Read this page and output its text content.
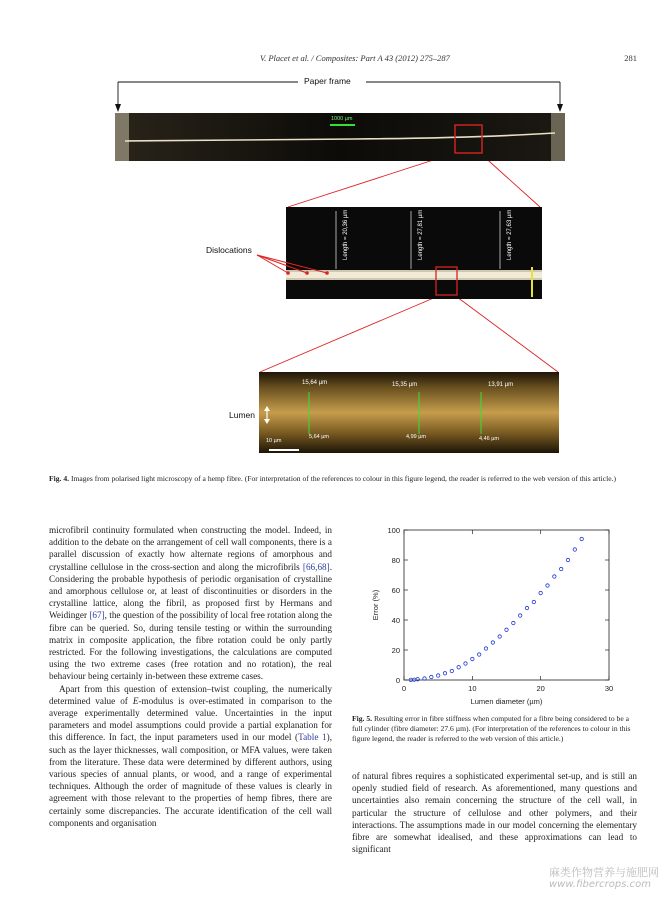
V. Placet et al. / Composites: Part A 43 (2012) 275–287	281
Paper frame
1000 µm
Length = 20,36 µm	Length = 27,81 µm	Length = 27,63 µm
100 µm
Dislocations
15,64 µm	15,35 µm	13,91 µm
5,64 µm	4,99 µm	4,46 µm
10 µm
Lumen
Fig. 4. Images from polarised light microscopy of a hemp fibre. (For interpretation of the references to colour in this figure legend, the reader is referred to the web version of this article.)

microfibril continuity formulated when constructing the model. Indeed, in addition to the debate on the arrangement of cell wall components, there is a parallel discussion of exactly how alternate regions of amorphous and crystalline cellulose in the cross-section and along the microfibrils [66,68]. Considering the probable hypothesis of periodic organisation of crystalline and amorphous cellulose or, at least of discontinuities or disorders in the crystalline lattice, along the fibril, as proposed first by Hermans and Weidinger [67], the question of the possibility of local free rotation along the fibre can be queried. So, during tensile testing or within the surrounding matrix in composite application, the fibre rotation could be only partly restricted. For the following investigations, the calculations are computed using the two extreme cases (free rotation and no rotation), the real behaviour being certainly in-between these extreme cases.

Apart from this question of extension–twist coupling, the numerically determined value of E-modulus is over-estimated in comparison to the average experimentally determined value. Uncertainties in the input parameters and model assumptions could provide a partial explanation for this difference. In fact, the input parameters used in our model (Table 1), such as the layer thicknesses, wall composition, or MFA values, were taken from the literature. These data were determined by different authors, using various species of annual plants, or wood, and a range of experimental techniques. Although the order of magnitude of these values is clearly in agreement with those relevant to the properties of hemp fibres, there are certainly some discrepancies. The accurate identification of the cell wall components and organisation

0	10	20	30
0
20
40
60
80
100
Lumen diameter (µm)
Error (%)
Fig. 5. Resulting error in fibre stiffness when computed for a fibre being considered to be a full cylinder (fibre diameter: 27.6 µm). (For interpretation of the references to colour in this figure legend, the reader is referred to the web version of this article.)

of natural fibres requires a sophisticated experimental set-up, and is still an openly studied field of research. As aforementioned, many questions and uncertainties also remain concerning the structure of the cell wall, in particular the structure of cellulose and other polymers, and their interactions. The assumptions made in our model concerning the elementary fibre are somewhat idealised, and these approximations can lead to significant

麻类作物营养与施肥网
www.fibercrops.com
